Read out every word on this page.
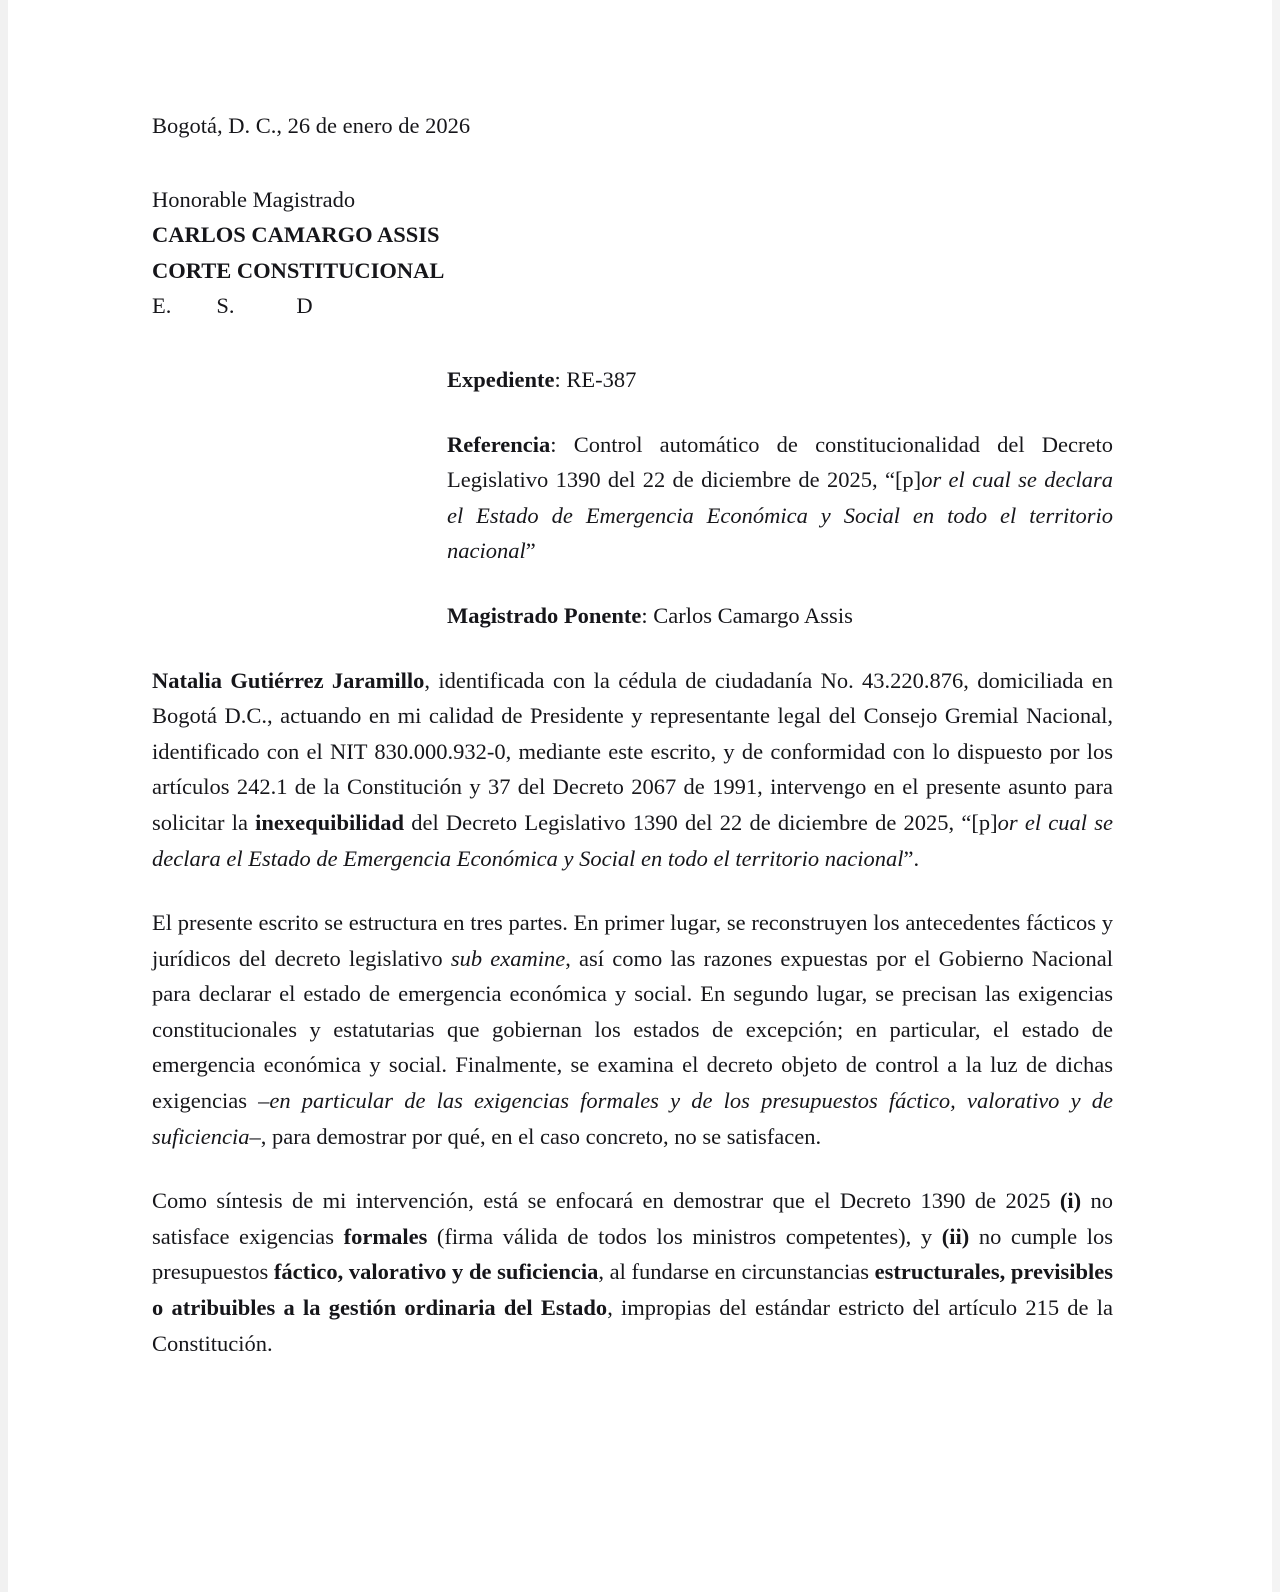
Bogotá, D. C., 26 de enero de 2026

Honorable Magistrado

CARLOS CAMARGO ASSIS

CORTE CONSTITUCIONAL

E.        S.           D

Expediente: RE-387

Referencia: Control automático de constitucionalidad del Decreto Legislativo 1390 del 22 de diciembre de 2025, “[p]or el cual se declara el Estado de Emergencia Económica y Social en todo el territorio nacional”

Magistrado Ponente: Carlos Camargo Assis

Natalia Gutiérrez Jaramillo, identificada con la cédula de ciudadanía No. 43.220.876, domiciliada en Bogotá D.C., actuando en mi calidad de Presidente y representante legal del Consejo Gremial Nacional, identificado con el NIT 830.000.932-0, mediante este escrito, y de conformidad con lo dispuesto por los artículos 242.1 de la Constitución y 37 del Decreto 2067 de 1991, intervengo en el presente asunto para solicitar la inexequibilidad del Decreto Legislativo 1390 del 22 de diciembre de 2025, “[p]or el cual se declara el Estado de Emergencia Económica y Social en todo el territorio nacional”.

El presente escrito se estructura en tres partes. En primer lugar, se reconstruyen los antecedentes fácticos y jurídicos del decreto legislativo sub examine, así como las razones expuestas por el Gobierno Nacional para declarar el estado de emergencia económica y social. En segundo lugar, se precisan las exigencias constitucionales y estatutarias que gobiernan los estados de excepción; en particular, el estado de emergencia económica y social. Finalmente, se examina el decreto objeto de control a la luz de dichas exigencias –en particular de las exigencias formales y de los presupuestos fáctico, valorativo y de suficiencia–, para demostrar por qué, en el caso concreto, no se satisfacen.

Como síntesis de mi intervención, está se enfocará en demostrar que el Decreto 1390 de 2025 (i) no satisface exigencias formales (firma válida de todos los ministros competentes), y (ii) no cumple los presupuestos fáctico, valorativo y de suficiencia, al fundarse en circunstancias estructurales, previsibles o atribuibles a la gestión ordinaria del Estado, impropias del estándar estricto del artículo 215 de la Constitución.
